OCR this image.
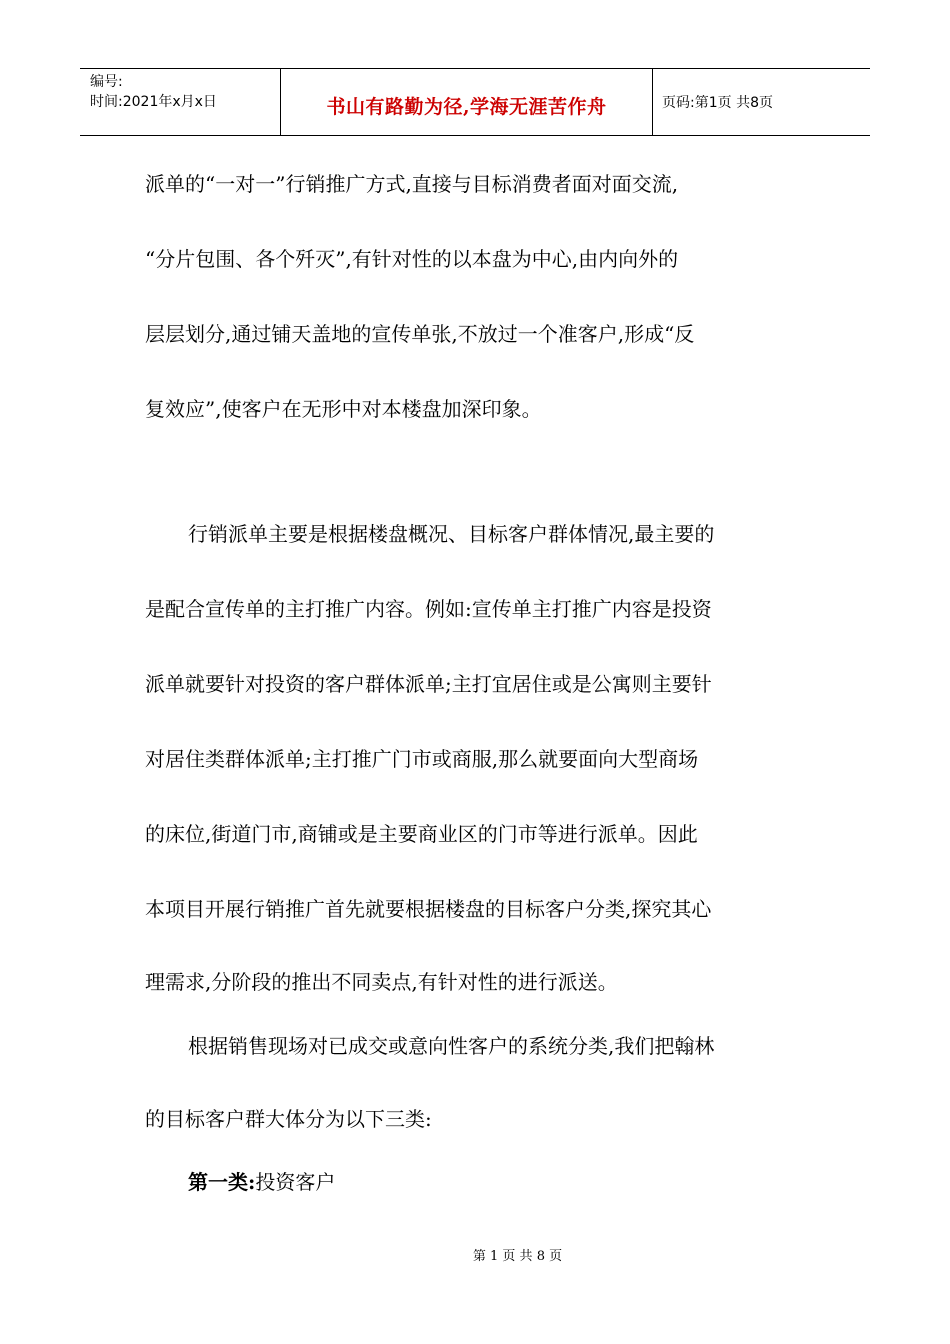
编号:
时间:2021年x月x日	书山有路勤为径,学海无涯苦作舟	页码:第1页 共8页
派单的“一对一”行销推广方式,直接与目标消费者面对面交流,
“分片包围、各个歼灭”,有针对性的以本盘为中心,由内向外的
层层划分,通过铺天盖地的宣传单张,不放过一个准客户,形成“反
复效应”,使客户在无形中对本楼盘加深印象。
行销派单主要是根据楼盘概况、目标客户群体情况,最主要的
是配合宣传单的主打推广内容。例如:宣传单主打推广内容是投资
派单就要针对投资的客户群体派单;主打宜居住或是公寓则主要针
对居住类群体派单;主打推广门市或商服,那么就要面向大型商场
的床位,街道门市,商铺或是主要商业区的门市等进行派单。因此
本项目开展行销推广首先就要根据楼盘的目标客户分类,探究其心
理需求,分阶段的推出不同卖点,有针对性的进行派送。
根据销售现场对已成交或意向性客户的系统分类,我们把翰林
的目标客户群大体分为以下三类:
第一类:投资客户
第 1 页 共 8 页
